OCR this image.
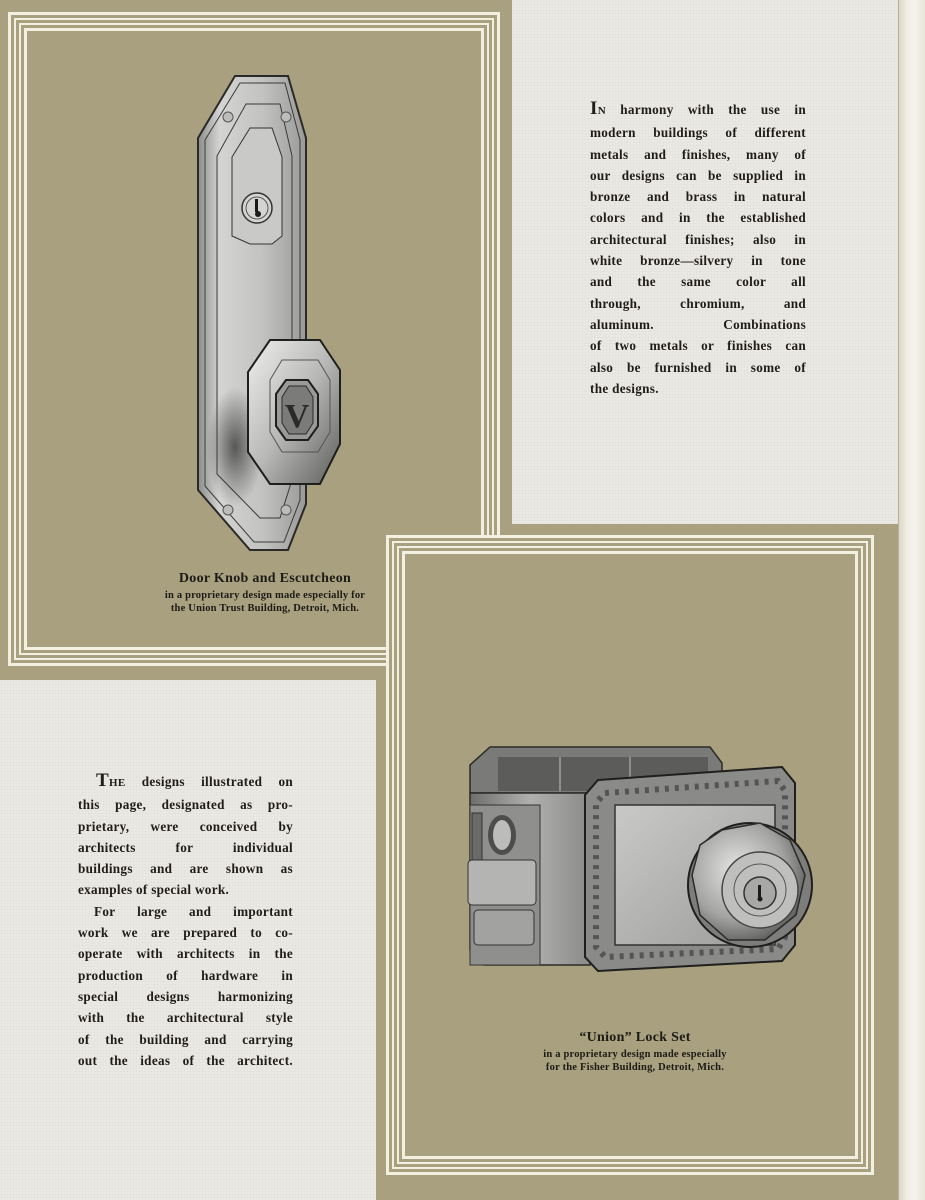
IN harmony with the use in
modern buildings of different
metals and finishes, many of
our designs can be supplied in
bronze and brass in natural
colors and in the established
architectural finishes; also in
white bronze—silvery in tone
and the same color all
through, chromium, and
aluminum. Combinations
of two metals or finishes can
also be furnished in some of
the designs.
THE designs illustrated on
this page, designated as pro-
prietary, were conceived by
architects for individual
buildings and are shown as
examples of special work.
For large and important
work we are prepared to co-
operate with architects in the
production of hardware in
special designs harmonizing
with the architectural style
of the building and carrying
out the ideas of the architect.
V
Door Knob and Escutcheon
in a proprietary design made especially for
the Union Trust Building, Detroit, Mich.
“Union” Lock Set
in a proprietary design made especially
for the Fisher Building, Detroit, Mich.
